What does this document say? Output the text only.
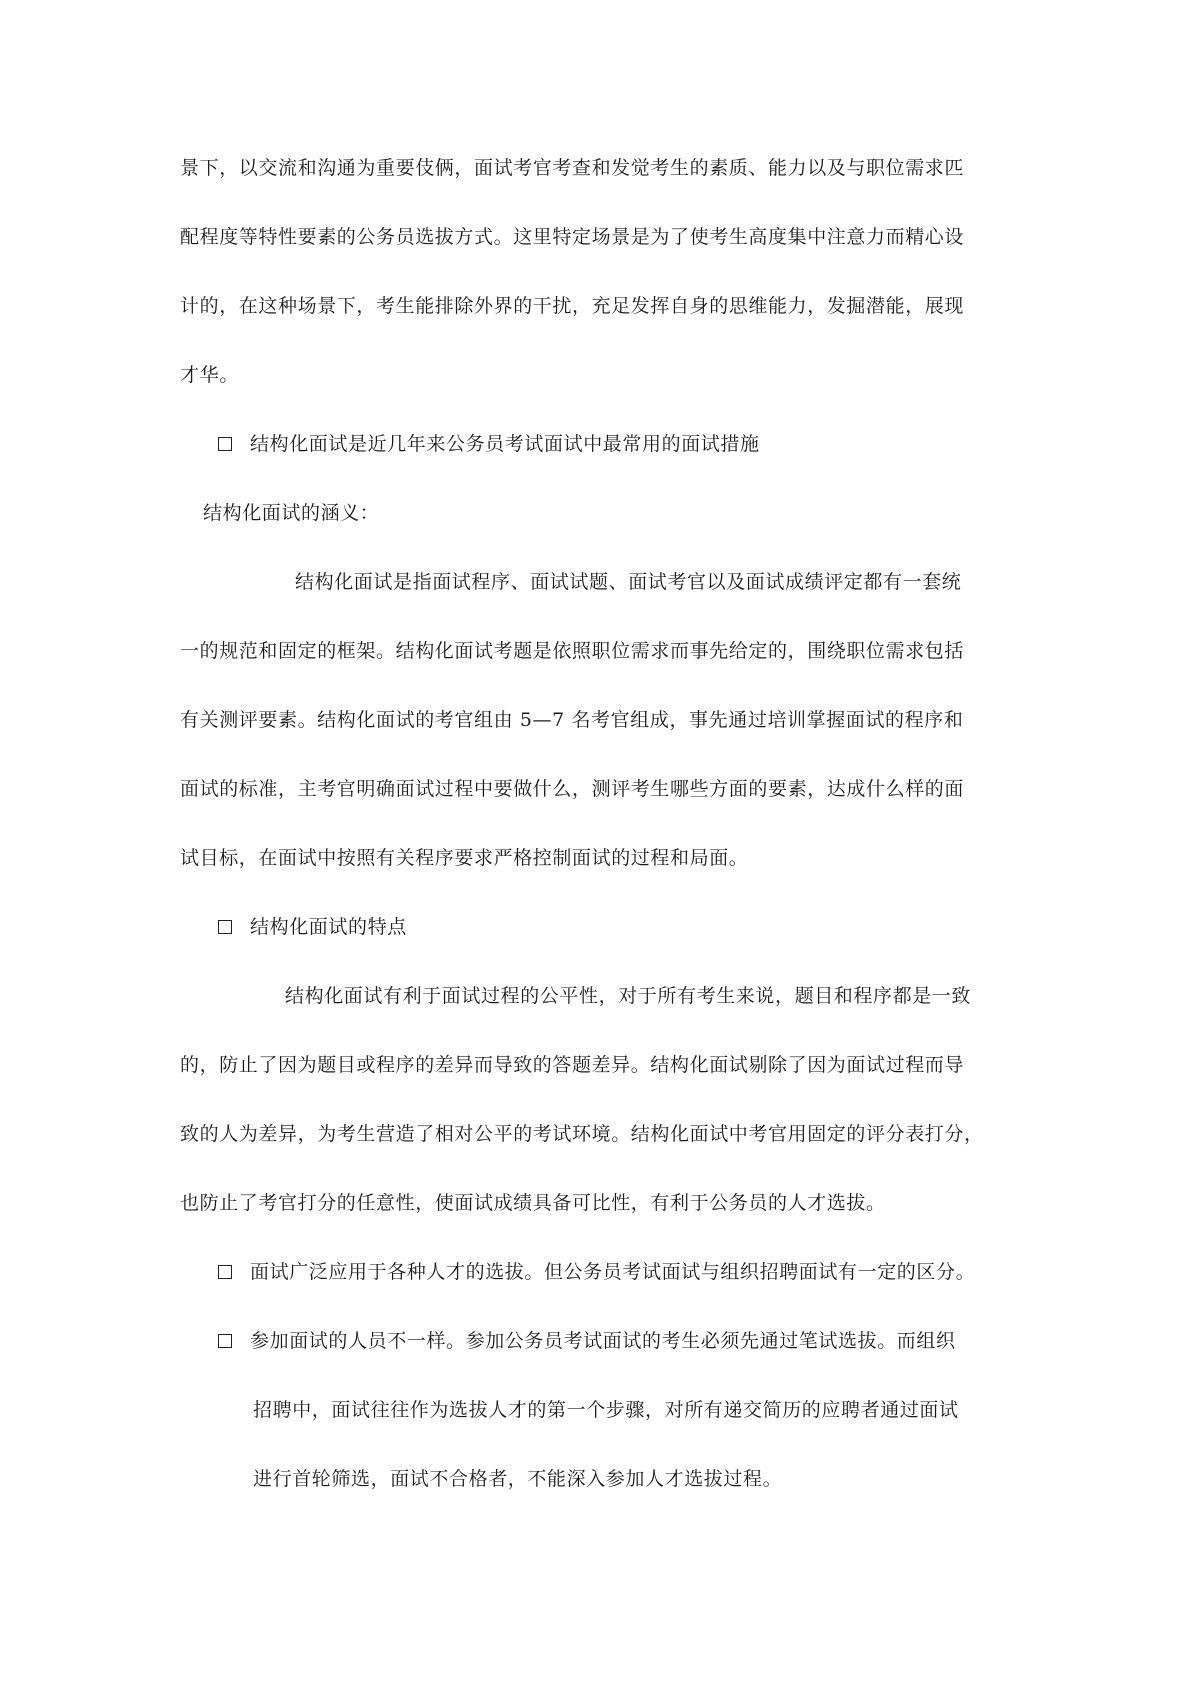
景下，以交流和沟通为重要伎俩，面试考官考查和发觉考生的素质、能力以及与职位需求匹
配程度等特性要素的公务员选拔方式。这里特定场景是为了使考生高度集中注意力而精心设
计的，在这种场景下，考生能排除外界的干扰，充足发挥自身的思维能力，发掘潜能，展现
才华。
结构化面试是近几年来公务员考试面试中最常用的面试措施
结构化面试的涵义：
结构化面试是指面试程序、面试试题、面试考官以及面试成绩评定都有一套统
一的规范和固定的框架。结构化面试考题是依照职位需求而事先给定的，围绕职位需求包括
有关测评要素。结构化面试的考官组由 5—7 名考官组成，事先通过培训掌握面试的程序和
面试的标准，主考官明确面试过程中要做什么，测评考生哪些方面的要素，达成什么样的面
试目标，在面试中按照有关程序要求严格控制面试的过程和局面。
结构化面试的特点
结构化面试有利于面试过程的公平性，对于所有考生来说，题目和程序都是一致
的，防止了因为题目或程序的差异而导致的答题差异。结构化面试剔除了因为面试过程而导
致的人为差异，为考生营造了相对公平的考试环境。结构化面试中考官用固定的评分表打分，
也防止了考官打分的任意性，使面试成绩具备可比性，有利于公务员的人才选拔。
面试广泛应用于各种人才的选拔。但公务员考试面试与组织招聘面试有一定的区分。
参加面试的人员不一样。参加公务员考试面试的考生必须先通过笔试选拔。而组织
招聘中，面试往往作为选拔人才的第一个步骤，对所有递交简历的应聘者通过面试
进行首轮筛选，面试不合格者，不能深入参加人才选拔过程。
